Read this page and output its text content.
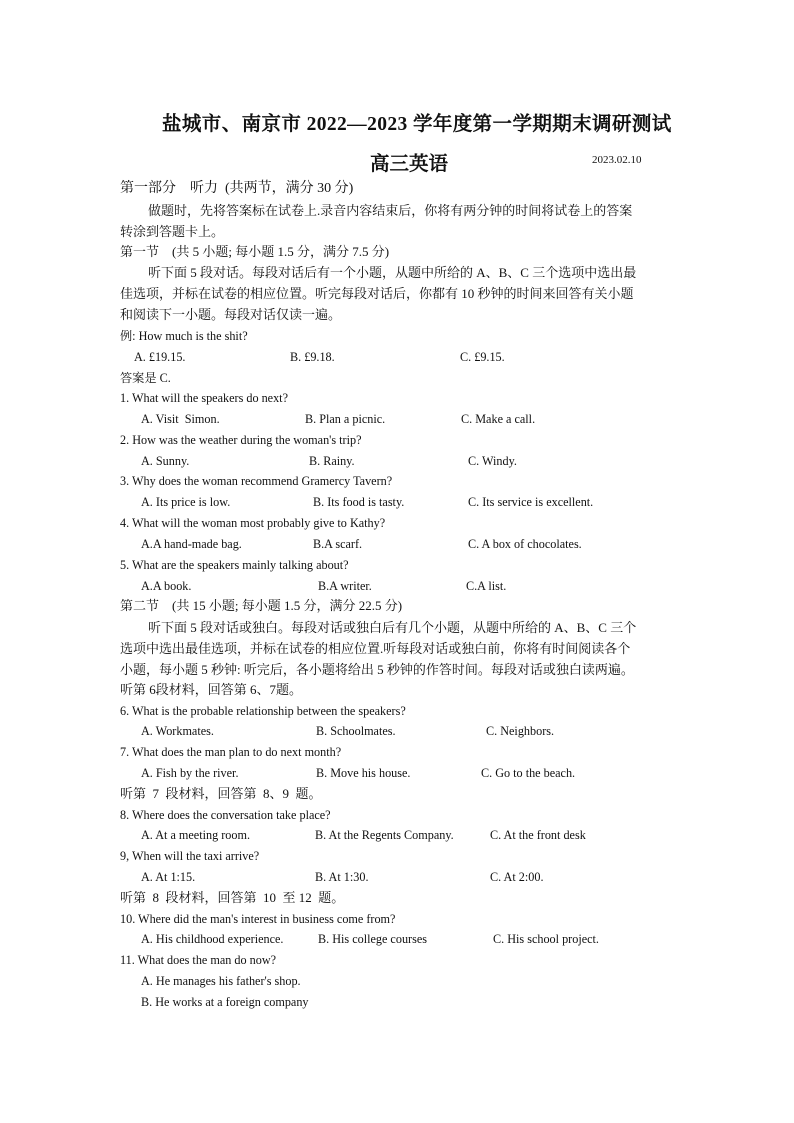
盐城市、南京市 2022—2023 学年度第一学期期末调研测试
高三英语	2023.02.10
第一部分    听力  (共两节，满分 30 分)
做题时，先将答案标在试卷上.录音内容结束后，你将有两分钟的时间将试卷上的答案
转涂到答题卡上。
第一节    (共 5 小题; 每小题 1.5 分，满分 7.5 分)
听下面 5 段对话。每段对话后有一个小题，从题中所给的 A、B、C 三个选项中选出最
佳选项，并标在试卷的相应位置。听完每段对话后，你都有 10 秒钟的时间来回答有关小题
和阅读下一小题。每段对话仅读一遍。
例: How much is the shit?
A. £19.15.	B. £9.18.	C. £9.15.
答案是 C.
1. What will the speakers do next?
A. Visit  Simon.	B. Plan a picnic.	C. Make a call.
2. How was the weather during the woman's trip?
A. Sunny.	B. Rainy.	C. Windy.
3. Why does the woman recommend Gramercy Tavern?
A. Its price is low.	B. Its food is tasty.	C. Its service is excellent.
4. What will the woman most probably give to Kathy?
A.A hand-made bag.	B.A scarf.	C. A box of chocolates.
5. What are the speakers mainly talking about?
A.A book.	B.A writer.	C.A list.
第二节    (共 15 小题; 每小题 1.5 分，满分 22.5 分)
听下面 5 段对话或独白。每段对话或独白后有几个小题，从题中所给的 A、B、C 三个
选项中选出最佳选项，并标在试卷的相应位置.听每段对话或独白前，你将有时间阅读各个
小题，每小题 5 秒钟: 听完后，各小题将给出 5 秒钟的作答时间。每段对话或独白读两遍。
听第 6段材料，回答第 6、7题。
6. What is the probable relationship between the speakers?
A. Workmates.	B. Schoolmates.	C. Neighbors.
7. What does the man plan to do next month?
A. Fish by the river.	B. Move his house.	C. Go to the beach.
听第  7  段材料，回答第  8、9  题。
8. Where does the conversation take place?
A. At a meeting room.	B. At the Regents Company.	C. At the front desk
9, When will the taxi arrive?
A. At 1:15.	B. At 1:30.	C. At 2:00.
听第  8  段材料，回答第  10  至 12  题。
10. Where did the man's interest in business come from?
A. His childhood experience.	B. His college courses	C. His school project.
11. What does the man do now?
A. He manages his father's shop.
B. He works at a foreign company
